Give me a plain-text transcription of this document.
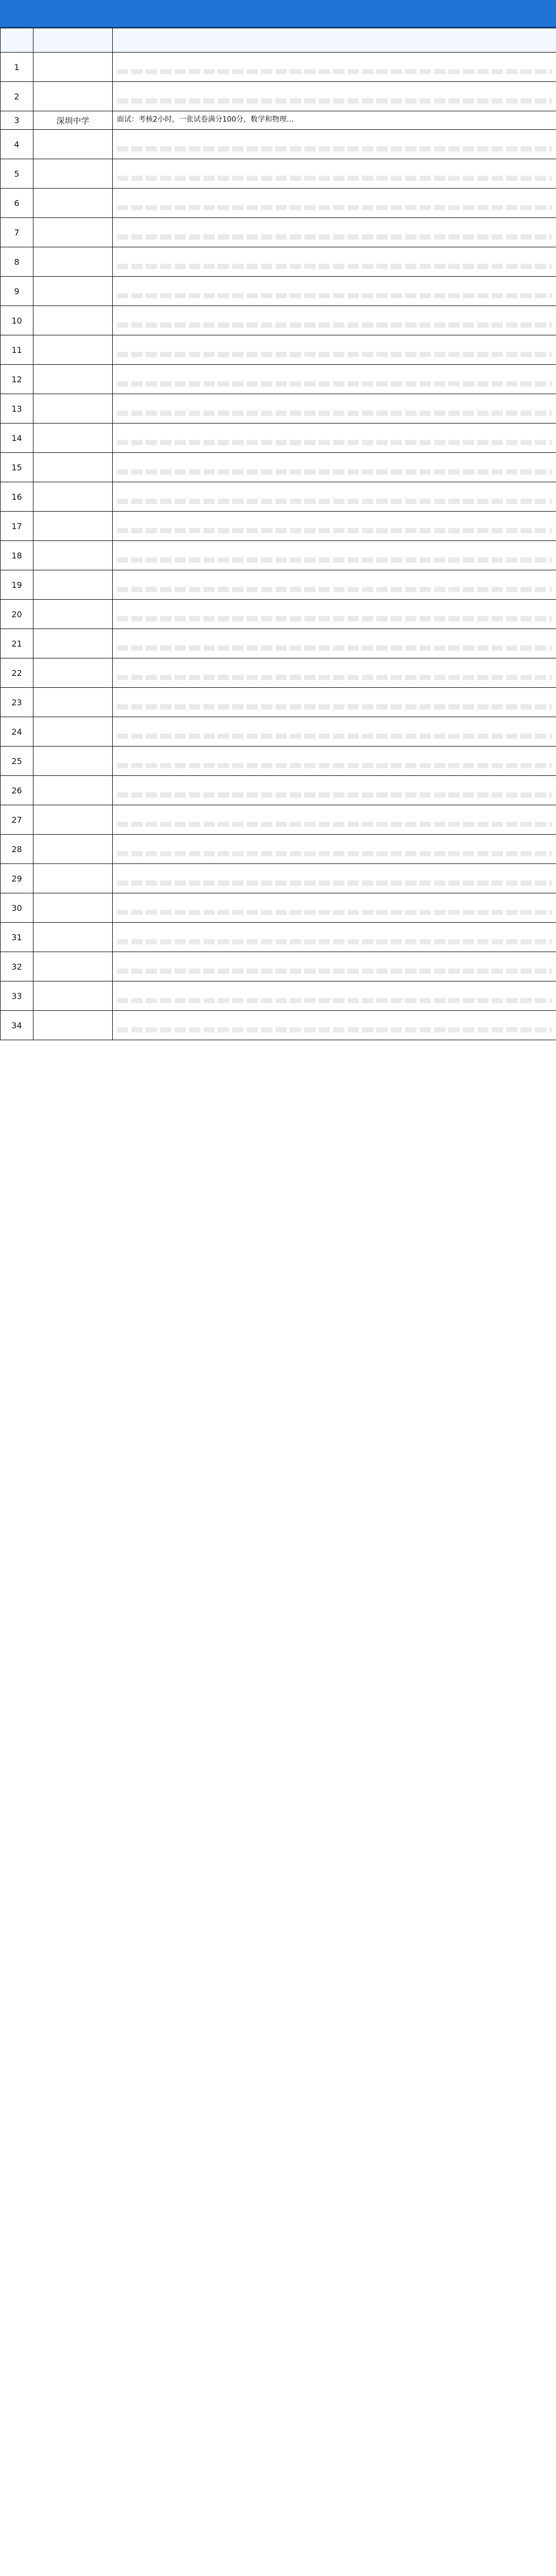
1		

2		

3	深圳中学	面试：考核2小时，一张试卷满分100分，数学和物理…

4		

5		

6		

7		

8		

9		

10		

11		

12		

13		

14		

15		

16		

17		

18		

19		

20		

21		

22		

23		

24		

25		

26		

27		

28		

29		

30		

31		

32		

33		

34		
